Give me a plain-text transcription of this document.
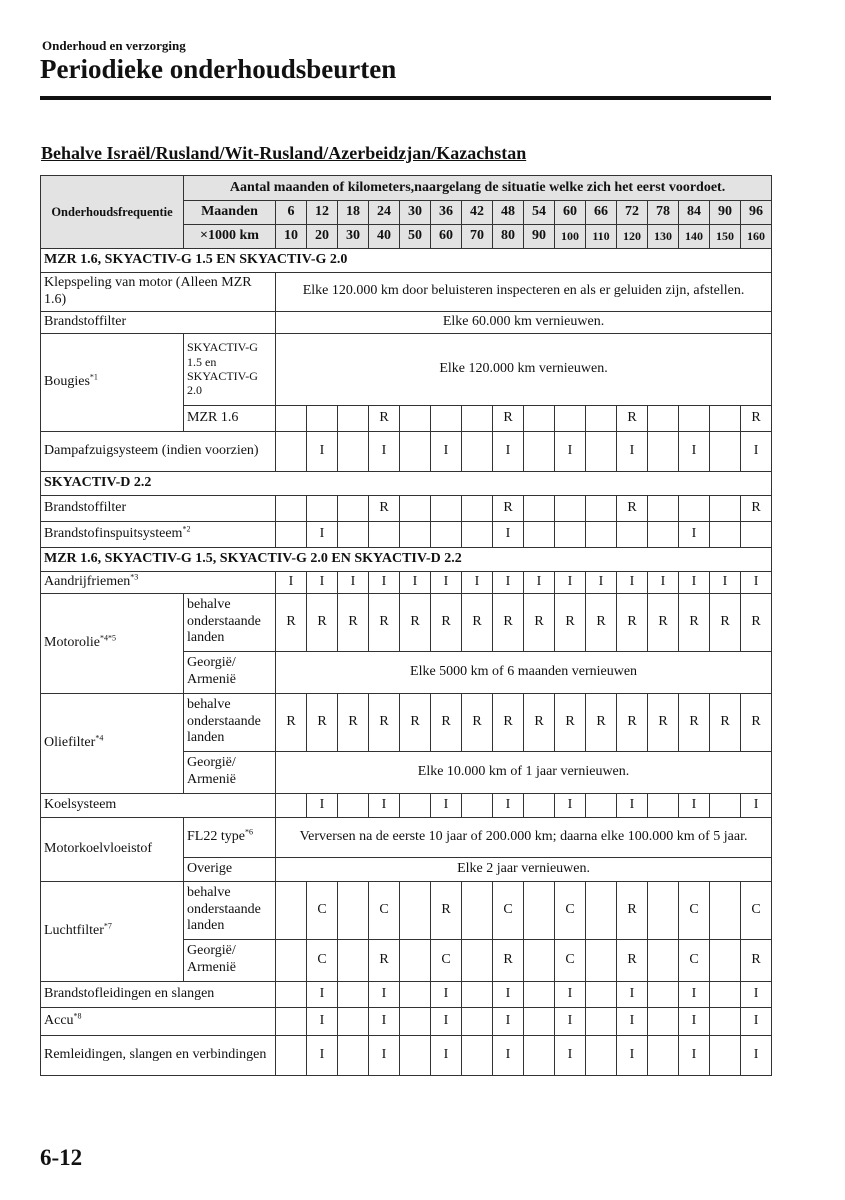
Onderhoud en verzorging
Periodieke onderhoudsbeurten
Behalve Israël/Rusland/Wit-Rusland/Azerbeidzjan/Kazachstan
Onderhoudsfrequentie	Aantal maanden of kilometers,naargelang de situatie welke zich het eerst voordoet.																
	Maanden	6	12	18	24	30	36	42	48	54	60	66	72	78	84	90	96
	×1000 km	10	20	30	40	50	60	70	80	90	100	110	120	130	140	150	160
MZR 1.6, SKYACTIV-G 1.5 EN SKYACTIV-G 2.0																	
Klepspeling van motor (Alleen MZR 1.6)		Elke 120.000 km door beluisteren inspecteren en als er geluiden zijn, afstellen.															
Brandstoffilter		Elke 60.000 km vernieuwen.															
Bougies$^{*1}$	SKYACTIV-G 1.5 en SKYACTIV-G 2.0	Elke 120.000 km vernieuwen.															
	MZR 1.6				R				R				R				R
Dampafzuigsysteem (indien voorzien)			I		I		I		I		I		I		I		I
SKYACTIV-D 2.2																	
Brandstoffilter					R				R				R				R
Brandstofinspuitsysteem$^{*2}$			I						I						I		
MZR 1.6, SKYACTIV-G 1.5, SKYACTIV-G 2.0 EN SKYACTIV-D 2.2																	
Aandrijfriemen$^{*3}$		I	I	I	I	I	I	I	I	I	I	I	I	I	I	I	I
Motorolie$^{*4*5}$	behalve onderstaande landen	R	R	R	R	R	R	R	R	R	R	R	R	R	R	R	R
	Georgië/ Armenië	Elke 5000 km of 6 maanden vernieuwen															
Oliefilter$^{*4}$	behalve onderstaande landen	R	R	R	R	R	R	R	R	R	R	R	R	R	R	R	R
	Georgië/ Armenië	Elke 10.000 km of 1 jaar vernieuwen.															
Koelsysteem			I		I		I		I		I		I		I		I
Motorkoelvloeistof	FL22 type$^{*6}$	Verversen na de eerste 10 jaar of 200.000 km; daarna elke 100.000 km of 5 jaar.															
	Overige	Elke 2 jaar vernieuwen.															
Luchtfilter$^{*7}$	behalve onderstaande landen		C		C		R		C		C		R		C		C
	Georgië/ Armenië		C		R		C		R		C		R		C		R
Brandstofleidingen en slangen			I		I		I		I		I		I		I		I
Accu$^{*8}$			I		I		I		I		I		I		I		I
Remleidingen, slangen en verbindingen			I		I		I		I		I		I		I		I
6-12
